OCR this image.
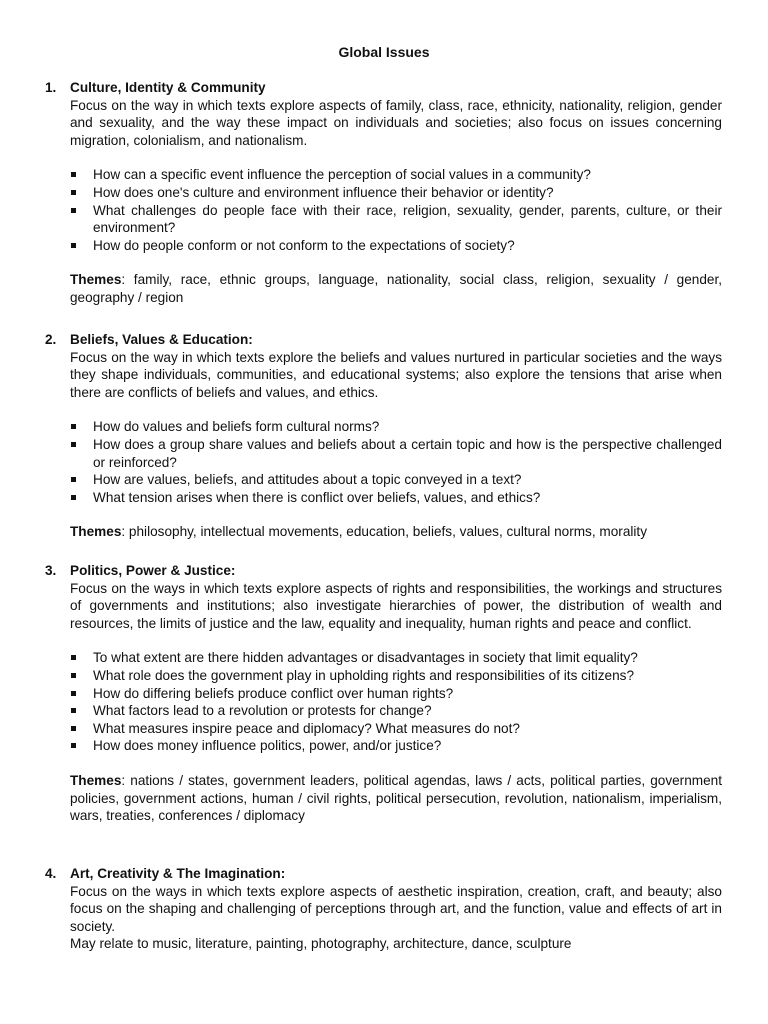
Global Issues
1. Culture, Identity & Community
Focus on the way in which texts explore aspects of family, class, race, ethnicity, nationality, religion, gender and sexuality, and the way these impact on individuals and societies; also focus on issues concerning migration, colonialism, and nationalism.
How can a specific event influence the perception of social values in a community?
How does one's culture and environment influence their behavior or identity?
What challenges do people face with their race, religion, sexuality, gender, parents, culture, or their environment?
How do people conform or not conform to the expectations of society?
Themes: family, race, ethnic groups, language, nationality, social class, religion, sexuality / gender, geography / region
2. Beliefs, Values & Education:
Focus on the way in which texts explore the beliefs and values nurtured in particular societies and the ways they shape individuals, communities, and educational systems; also explore the tensions that arise when there are conflicts of beliefs and values, and ethics.
How do values and beliefs form cultural norms?
How does a group share values and beliefs about a certain topic and how is the perspective challenged or reinforced?
How are values, beliefs, and attitudes about a topic conveyed in a text?
What tension arises when there is conflict over beliefs, values, and ethics?
Themes: philosophy, intellectual movements, education, beliefs, values, cultural norms, morality
3. Politics, Power & Justice:
Focus on the ways in which texts explore aspects of rights and responsibilities, the workings and structures of governments and institutions; also investigate hierarchies of power, the distribution of wealth and resources, the limits of justice and the law, equality and inequality, human rights and peace and conflict.
To what extent are there hidden advantages or disadvantages in society that limit equality?
What role does the government play in upholding rights and responsibilities of its citizens?
How do differing beliefs produce conflict over human rights?
What factors lead to a revolution or protests for change?
What measures inspire peace and diplomacy? What measures do not?
How does money influence politics, power, and/or justice?
Themes: nations / states, government leaders, political agendas, laws / acts, political parties, government policies, government actions, human / civil rights, political persecution, revolution, nationalism, imperialism, wars, treaties, conferences / diplomacy
4. Art, Creativity & The Imagination:
Focus on the ways in which texts explore aspects of aesthetic inspiration, creation, craft, and beauty; also focus on the shaping and challenging of perceptions through art, and the function, value and effects of art in society.
May relate to music, literature, painting, photography, architecture, dance, sculpture
